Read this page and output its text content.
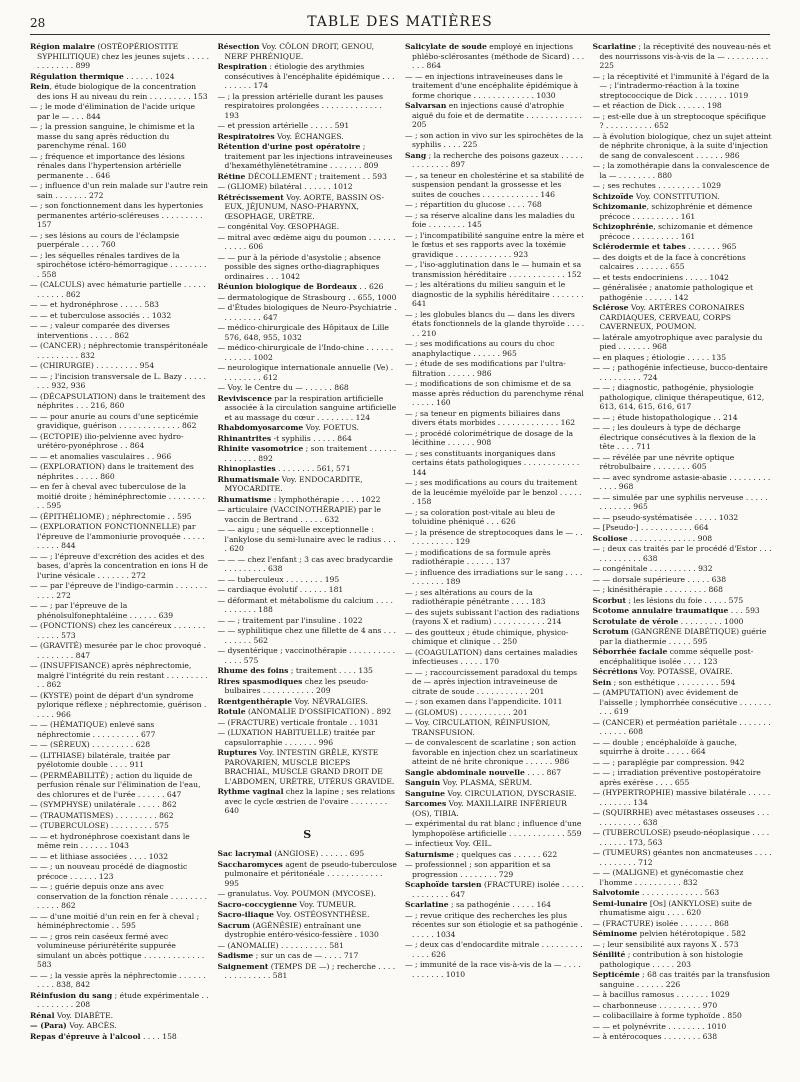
28	TABLE DES MATIÈRES
Région malaire (OSTÉOPÉRIOSTITE SYPHILITIQUE) chez les jeunes sujets . . . . . . . . . . . . . 899
Régulation thermique . . . . . . 1024
Rein, étude biologique de la concentration des ions H au niveau du rein . . . . . . . . . 153
— ; le mode d'élimination de l'acide urique par le — . . . 844
— ; la pression sanguine, le chimisme et la masse du sang après réduction du parenchyme rénal. 160
— ; fréquence et importance des lésions rénales dans l'hypertension artérielle permanente . . 646
— ; influence d'un rein malade sur l'autre rein sain . . . . . . . 272
— ; son fonctionnement dans les hypertonies permanentes artério-scléreuses . . . . . . . . . 157
— ; ses lésions au cours de l'éclampsie puerpérale . . . . 760
— ; les séquelles rénales tardives de la spirochétose ictéro-hémorragique . . . . . . . . . 558
— (CALCULS) avec hématurie partielle . . . . . . . . . . . 862
— — et hydronéphrose . . . . . 583
— — et tuberculose associés . . 1032
— — ; valeur comparée des diverses interventions . . . . . 862
— (CANCER) ; néphrectomie transpéritonéale . . . . . . . . . 832
— (CHIRURGIE) . . . . . . . . . 954
— — ; l'incision transversale de L. Bazy . . . . . . . . 932, 936
— (DÉCAPSULATION) dans le traitement des néphrites . . . 216, 860
— — pour anurie au cours d'une septicémie gravidique, guérison . . . . . . . . . . . . . 862
— (ECTOPIE) ilio-pelvienne avec hydro-urétéro-pyonéphrose . . 864
— — et anomalies vasculaires . . 966
— (EXPLORATION) dans le traitement des néphrites . . . . . 860
— en fer à cheval avec tuberculose de la moitié droite ; héminéphrectomie . . . . . . . . . . 595
— (ÉPITHÉLIOME) ; néphrectomie . . 595
— (EXPLORATION FONCTIONNELLE) par l'épreuve de l'ammoniurie provoquée . . . . . . . . . . 844
— — ; l'épreuve d'excrétion des acides et des bases, d'après la concentration en ions H de l'urine vésicale . . . . . . . 272
— — par l'épreuve de l'indigo-carmin . . . . . . . . . . . 272
— — ; par l'épreuve de la phénolsulfonephtaléine . . . . . . 639
— (FONCTIONS) chez les cancéreux . . . . . . . . . . . . 573
— (GRAVITÉ) mesurée par le choc provoqué . . . . . . . . . 847
— (INSUFFISANCE) après néphrectomie, malgré l'intégrité du rein restant . . . . . . . . . . . 862
— (KYSTE) point de départ d'un syndrome pylorique réflexe ; néphrectomie, guérison . . . . . 966
— — (HÉMATIQUE) enlevé sans néphrectomie . . . . . . . . . . 677
— — (SÉREUX) . . . . . . . . . 628
— (LITHIASE) bilatérale, traitée par pyélotomie double . . . . 911
— (PERMÉABILITÉ) ; action du liquide de perfusion rénale sur l'élimination de l'eau, des chlorures et de l'urée . . . . . . 647
— (SYMPHYSE) unilatérale . . . . . 862
— (TRAUMATISMES) . . . . . . . . . 862
— (TUBERCULOSE) . . . . . . . . . 575
— — et hydronéphrose coexistant dans le même rein . . . . . . 1043
— — et lithiase associées . . . . 1032
— — ; un nouveau procédé de diagnostic précoce . . . . . . 123
— — ; guérie depuis onze ans avec conservation de la fonction rénale . . . . . . . . . . . . . 862
— — d'une moitié d'un rein en fer à cheval ; héminéphrectomie . . 595
— — ; gros rein caséeux fermé avec volumineuse périurétérite suppurée simulant un abcès pottique . . . . . . . . . . . . . 583
— — ; la vessie après la néphrectomie . . . . . . . . . . 838, 842
Réinfusion du sang ; étude expérimentale . . . . . . . . . . 208
Rénal Voy. DIABÈTE.
— (Para) Voy. ABCÈS.
Repas d'épreuve à l'alcool . . . . 158
Résection Voy. CÔLON DROIT, GENOU, NERF PHRÉNIQUE.
Respiration : étiologie des arythmies consécutives à l'encéphalite épidémique . . . . . . . . . 174
— ; la pression artérielle durant les pauses respiratoires prolongées . . . . . . . . . . . . . 193
— et pression artérielle . . . . . 591
Respiratoires Voy. ÉCHANGES.
Rétention d'urine post opératoire ; traitement par les injections intraveineuses d'hexaméthylènetétramine . . . . . . . 809
Rétine DÉCOLLEMENT ; traitement . . 593
— (GLIOME) bilatéral . . . . . . 1012
Rétrécissement Voy. AORTE, BASSIN OS-EUX, JÉJUNUM, NASO-PHARYNX, ŒSOPHAGE, URÈTRE.
— congénital Voy. ŒSOPHAGE.
— mitral avec œdème aigu du poumon . . . . . . . . . . . 606
— — pur à la période d'asystolie ; absence possible des signes ortho-diagraphiques ordinaires . . . 1042
Réunion biologique de Bordeaux . . 626
— dermatologique de Strasbourg . . 655, 1000
— d'Études biologiques de Neuro-Psychiatrie . . . . . . . . . 647
— médico-chirurgicale des Hôpitaux de Lille 576, 648, 955, 1032
— médico-chirurgicale de l'Indo-chine . . . . . . . . . . . . 1002
— neurologique internationale annuelle (Ve) . . . . . . . . . 612
— Voy. le Centre du — . . . . . . 868
Reviviscence par la respiration artificielle associée à la circulation sanguine artificielle et au massage du cœur . . . . . . . . 124
Rhabdomyosarcome Voy. FOETUS.
Rhinantrites -t syphilis . . . . . 864
Rhinite vasomotrice ; son traitement . . . . . . . . . . . . . 892
Rhinoplasties . . . . . . . . 561, 571
Rhumatismale Voy. ENDOCARDITE, MYOCARDITE.
Rhumatisme : lymphothérapie . . . . 1022
— articulaire (VACCINOTHÉRAPIE) par le vaccin de Bertrand . . . . . 632
— — aigu ; une séquelle exceptionnelle : l'ankylose du semi-lunaire avec le radius . . . . 620
— — — chez l'enfant ; 3 cas avec bradycardie . . . . . . . . . 638
— — tuberculeux . . . . . . . . 195
— cardiaque évolutif . . . . . . 181
— déformant et métabolisme du calcium . . . . . . . . . . . 188
— — ; traitement par l'insuline . 1022
— — syphilitique chez une fillette de 4 ans . . . . . . . . . 562
— dysentérique ; vaccinothérapie . . . . . . . . . . . . . . 575
Rhume des foins ; traitement . . . . 135
Rires spasmodiques chez les pseudo-bulbaires . . . . . . . . . . . 209
Rœntgenthérapie Voy. NÉVRALGIES.
Rotule (ANOMALIE D'OSSIFICATION) . 892
— (FRACTURE) verticale frontale . . 1031
— (LUXATION HABITUELLE) traitée par capsulorraphie . . . . . . . 996
Ruptures Voy. INTESTIN GRÊLE, KYSTE PAROVARIEN, MUSCLE BICEPS BRACHIAL, MUSCLE GRAND DROIT DE L'ABDOMEN, URÈTRE, UTÉRUS GRAVIDE.
Rythme vaginal chez la lapine ; ses relations avec le cycle œstrien de l'ovaire . . . . . . . . 640
S
Sac lacrymal (ANGIOSE) . . . . . . 695
Saccharomyces agent de pseudo-tuberculose pulmonaire et péritonéale . . . . . . . . . . . . 995
— granulatus. Voy. POUMON (MYCOSE).
Sacro-coccygienne Voy. TUMEUR.
Sacro-iliaque Voy. OSTÉOSYNTHÈSE.
Sacrum (AGÉNÉSIE) entraînant une dystrophie entéro-vésico-fessière . 1030
— (ANOMALIE) . . . . . . . . . . 581
Sadisme ; sur un cas de — . . . . 717
Saignement (TEMPS DE —) ; recherche . . . . . . . . . . . . . . 581
Salicylate de soude employé en injections phlébo-sclérosantes (méthode de Sicard) . . . . . . 864
— — en injections intraveineuses dans le traitement d'une encéphalite épidémique à forme chorique . . . . . . . . . . . . . 1030
Salvarsan en injections causé d'atrophie aiguë du foie et de dermatite . . . . . . . . . . . . 205
— ; son action in vivo sur les spirochètes de la syphilis . . . . 225
Sang ; la recherche des poisons gazeux . . . . . . . . . . . . . 897
— , sa teneur en cholestérine et sa stabilité de suspension pendant la grossesse et les suites de couches . . . . . . . . . . . . 146
— ; répartition du glucose . . . . 768
— ; sa réserve alcaline dans les maladies du foie . . . . . . . . 145
— ; l'incompatibilité sanguine entre la mère et le fœtus et ses rapports avec la toxémie gravidique . . . . . . . . . . . . 923
— , l'iso-agglutination dans le — humain et sa transmission héréditaire . . . . . . . . . . . . 152
— ; les altérations du milieu sanguin et le diagnostic de la syphilis héréditaire . . . . . . . 641
— ; les globules blancs du — dans les divers états fonctionnels de la glande thyroïde . . . . . . 210
— ; ses modifications au cours du choc anaphylactique . . . . . . 965
— ; étude de ses modifications par l'ultra-filtration . . . . . . 986
— ; modifications de son chimisme et de sa masse après réduction du parenchyme rénal . . . . . 160
— ; sa teneur en pigments biliaires dans divers états morbides . . . . . . . . . . . . . 162
— ; procédé colorimétrique de dosage de la lécithine . . . . . . 908
— ; ses constituants inorganiques dans certains états pathologiques . . . . . . . . . . . . 144
— ; ses modifications au cours du traitement de la leucémie myéloïde par le benzol . . . . . . 158
— ; sa coloration post-vitale au bleu de toluidine phéniqué . . . 626
— ; la présence de streptocoques dans le — . . . . . . . . . . . 129
— ; modifications de sa formule après radiothérapie . . . . . . 137
— ; influence des irradiations sur le sang . . . . . . . . . . . 189
— ; ses altérations au cours de la radiothérapie pénétrante . . . . 183
— des sujets subissant l'action des radiations (rayons X et radium) . . . . . . . . . . . 214
— des goutteux ; étude chimique, physico-chimique et clinique . . 250
— (COAGULATION) dans certaines maladies infectieuses . . . . . 170
— — ; raccourcissement paradoxal du temps de — après injection intraveineuse de citrate de soude . . . . . . . . . . . 201
— ; son examen dans l'appendicite. 1011
— (GLOMUS) . . . . . . . . . . . 201
— Voy. CIRCULATION, RÉINFUSION, TRANSFUSION.
— de convalescent de scarlatine ; son action favorable en injection chez un scarlatineux atteint de né hrite chronique . . . . . . 986
Sangle abdominale nouvelle . . . . 867
Sanguin Voy. PLASMA, SÉRUM.
Sanguine Voy. CIRCULATION, DYSCRASIE.
Sarcomes Voy. MAXILLAIRE INFÉRIEUR (OS), TIBIA.
— expérimental du rat blanc ; influence d'une lymphopoïèse artificielle . . . . . . . . . . . . 559
— infectieux Voy. ŒIL.
Saturnisme ; quelques cas . . . . . . 622
— professionnel ; son apparition et sa progression . . . . . . . . 729
Scaphoïde tarsien (FRACTURE) isolée . . . . . . . . . . . . . 647
Scarlatine ; sa pathogénie . . . . . 164
— ; revue critique des recherches les plus récentes sur son étiologie et sa pathogénie . . . . . . 1034
— ; deux cas d'endocardite mitrale . . . . . . . . . . . . . 626
— ; immunité de la race vis-à-vis de la — . . . . . . . . . . . 1010
Scarlatine ; la réceptivité des nouveau-nés et des nourrissons vis-à-vis de la — . . . . . . . . . 225
— ; la réceptivité et l'immunité à l'égard de la — ; l'intradermo-réaction à la toxine streptococcique de Dick . . . . . . . 1019
— et réaction de Dick . . . . . . 198
— ; est-elle due à un streptocoque spécifique ? . . . . . . . . . . 652
— à évolution biologique, chez un sujet atteint de néphrite chronique, à la suite d'injection de sang de convalescent . . . . . . 986
— ; la zomothérapie dans la convalescence de la — . . . . . . . . 880
— ; ses rechutes . . . . . . . . . 1029
Schizoïde Voy. CONSTITUTION.
Schizomanie, schizophrénie et démence précoce . . . . . . . . . . 161
Schizophrénie, schizomanie et démence précoce . . . . . . . . . . 161
Sclérodermie et tabes . . . . . . . 965
— des doigts et de la face à concrétions calcaires . . . . . . . 655
— et tests endocriniens . . . . . 1042
— généralisée ; anatomie pathologique et pathogénie . . . . . . 142
Sclérose Voy. ARTÈRES CORONAIRES CARDIAQUES, CERVEAU, CORPS CAVERNEUX, POUMON.
— latérale amyotrophique avec paralysie du pied . . . . . . . 968
— en plaques ; étiologie . . . . . 135
— — ; pathogénie infectieuse, bucco-dentaire . . . . . . . . . 724
— — ; diagnostic, pathogénie, physiologie pathologique, clinique thérapeutique, 612, 613, 614, 615, 616, 617
— — ; étude histopathologique . . 214
— — ; les douleurs à type de décharge électrique consécutives à la flexion de la tête . . . . 711
— — révélée par une névrite optique rétrobulbaire . . . . . . . . 605
— — avec syndrome astasie-abasie . . . . . . . . . . . . . 968
— — simulée par une syphilis nerveuse . . . . . . . . . . . . 965
— — pseudo-systématisée . . . . . 1032
— [Pseudo-] . . . . . . . . . . . 664
Scoliose . . . . . . . . . . . . . . 908
— ; deux cas traités par le procédé d'Estor . . . . . . . . . . . . 638
— congénitale . . . . . . . . . . 932
— — dorsale supérieure . . . . . 638
— ; kinésithérapie . . . . . . . . . 868
Scorbut ; les lésions du foie . . . . . 575
Scotome annulaire traumatique . . . 593
Scrotulate de vérole . . . . . . . . . 1000
Scrotum (GANGRÈNE DIABÉTIQUE) guérie par la diathermie . . . . . 595
Séborrhée faciale comme séquelle post-encéphalitique isolée . . . . 123
Sécrétions Voy. POTASSE, OVAIRE.
Sein ; son esthétique . . . . . . . . . 594
— (AMPUTATION) avec évidement de l'aisselle ; lymphorrhée consécutive . . . . . . . . . . 619
— (CANCER) et perméation pariétale . . . . . . . . . . . . . 608
— — double ; encéphaloïde à gauche, squirrhe à droite . . . . . 664
— — ; paraplégie par compression. 942
— — ; irradiation préventive postopératoire après exérèse . . . . 655
— (HYPERTROPHIE) massive bilatérale . . . . . . . . . . . . 134
— (SQUIRRHE) avec métastases osseuses . . . . . . . . . . . . 638
— (TUBERCULOSE) pseudo-néoplasique . . . . . . . . . . 173, 563
— (TUMEURS) géantes non ancmateuses . . . . . . . . . . . . 712
— — (MALIGNE) et gynécomastie chez l'homme . . . . . . . . . . 832
Salvotomie . . . . . . . . . . . . . 563
Semi-lunaire [Os] (ANKYLOSE) suite de rhumatisme aigu . . . . 620
— (FRACTURE) isolée . . . . . . . 868
Séminome pelvien hétérotopique . 582
— ; leur sensibilité aux rayons X . 573
Sénilité ; contribution à son histologie pathologique . . . . . 203
Septicémie ; 68 cas traités par la transfusion sanguine . . . . . . 226
— à bacillus ramosus . . . . . . . 1029
— charbonneuse . . . . . . . . . 970
— colibacillaire à forme typhoïde . 850
— — et polynévrite . . . . . . . . 1010
— à entérocoques . . . . . . . . 638
